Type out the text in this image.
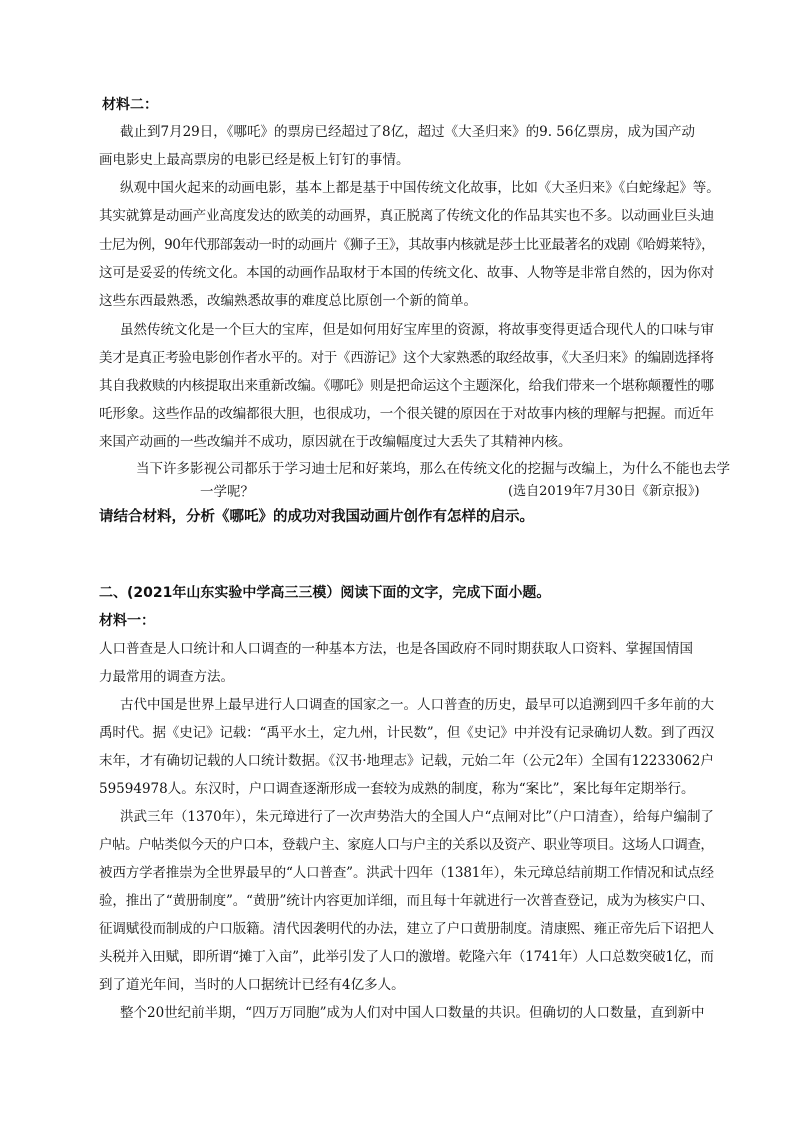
材料二：
截止到7月29日，《哪吒》的票房已经超过了8亿，超过《大圣归来》的9. 56亿票房，成为国产动
画电影史上最高票房的电影已经是板上钉钉的事情。
纵观中国火起来的动画电影，基本上都是基于中国传统文化故事，比如《大圣归来》《白蛇缘起》等。
其实就算是动画产业高度发达的欧美的动画界，真正脱离了传统文化的作品其实也不多。以动画业巨头迪
士尼为例，90年代那部轰动一时的动画片《狮子王》，其故事内核就是莎士比亚最著名的戏剧《哈姆莱特》，
这可是妥妥的传统文化。本国的动画作品取材于本国的传统文化、故事、人物等是非常自然的，因为你对
这些东西最熟悉，改编熟悉故事的难度总比原创一个新的简单。
虽然传统文化是一个巨大的宝库，但是如何用好宝库里的资源，将故事变得更适合现代人的口味与审
美才是真正考验电影创作者水平的。对于《西游记》这个大家熟悉的取经故事，《大圣归来》的编剧选择将
其自我救赎的内核提取出来重新改编。《哪吒》则是把命运这个主题深化，给我们带来一个堪称颠覆性的哪
吒形象。这些作品的改编都很大胆，也很成功，一个很关键的原因在于对故事内核的理解与把握。而近年
来国产动画的一些改编并不成功，原因就在于改编幅度过大丢失了其精神内核。
当下许多影视公司都乐于学习迪士尼和好莱坞，那么在传统文化的挖掘与改编上，为什么不能也去学
一学呢？	(选自2019年7月30日《新京报》)
请结合材料，分析《哪吒》的成功对我国动画片创作有怎样的启示。
二、(2021年山东实验中学高三三模）阅读下面的文字，完成下面小题。
材料一：
人口普查是人口统计和人口调查的一种基本方法，也是各国政府不同时期获取人口资料、掌握国情国
力最常用的调查方法。
古代中国是世界上最早进行人口调查的国家之一。人口普查的历史，最早可以追溯到四千多年前的大
禹时代。据《史记》记载：“禹平水土，定九州，计民数”，但《史记》中并没有记录确切人数。到了西汉
末年，才有确切记载的人口统计数据。《汉书·地理志》记载，元始二年（公元2年）全国有12233062户
59594978人。东汉时，户口调查逐渐形成一套较为成熟的制度，称为“案比”，案比每年定期举行。
洪武三年（1370年），朱元璋进行了一次声势浩大的全国人户“点闸对比”（户口清查），给每户编制了
户帖。户帖类似今天的户口本，登载户主、家庭人口与户主的关系以及资产、职业等项目。这场人口调查，
被西方学者推崇为全世界最早的“人口普查”。洪武十四年（1381年），朱元璋总结前期工作情况和试点经
验，推出了“黄册制度”。“黄册”统计内容更加详细，而且每十年就进行一次普查登记，成为为核实户口、
征调赋役而制成的户口版籍。清代因袭明代的办法，建立了户口黄册制度。清康熙、雍正帝先后下诏把人
头税并入田赋，即所谓“摊丁入亩”，此举引发了人口的激增。乾隆六年（1741年）人口总数突破1亿，而
到了道光年间，当时的人口据统计已经有4亿多人。
整个20世纪前半期，“四万万同胞”成为人们对中国人口数量的共识。但确切的人口数量，直到新中
